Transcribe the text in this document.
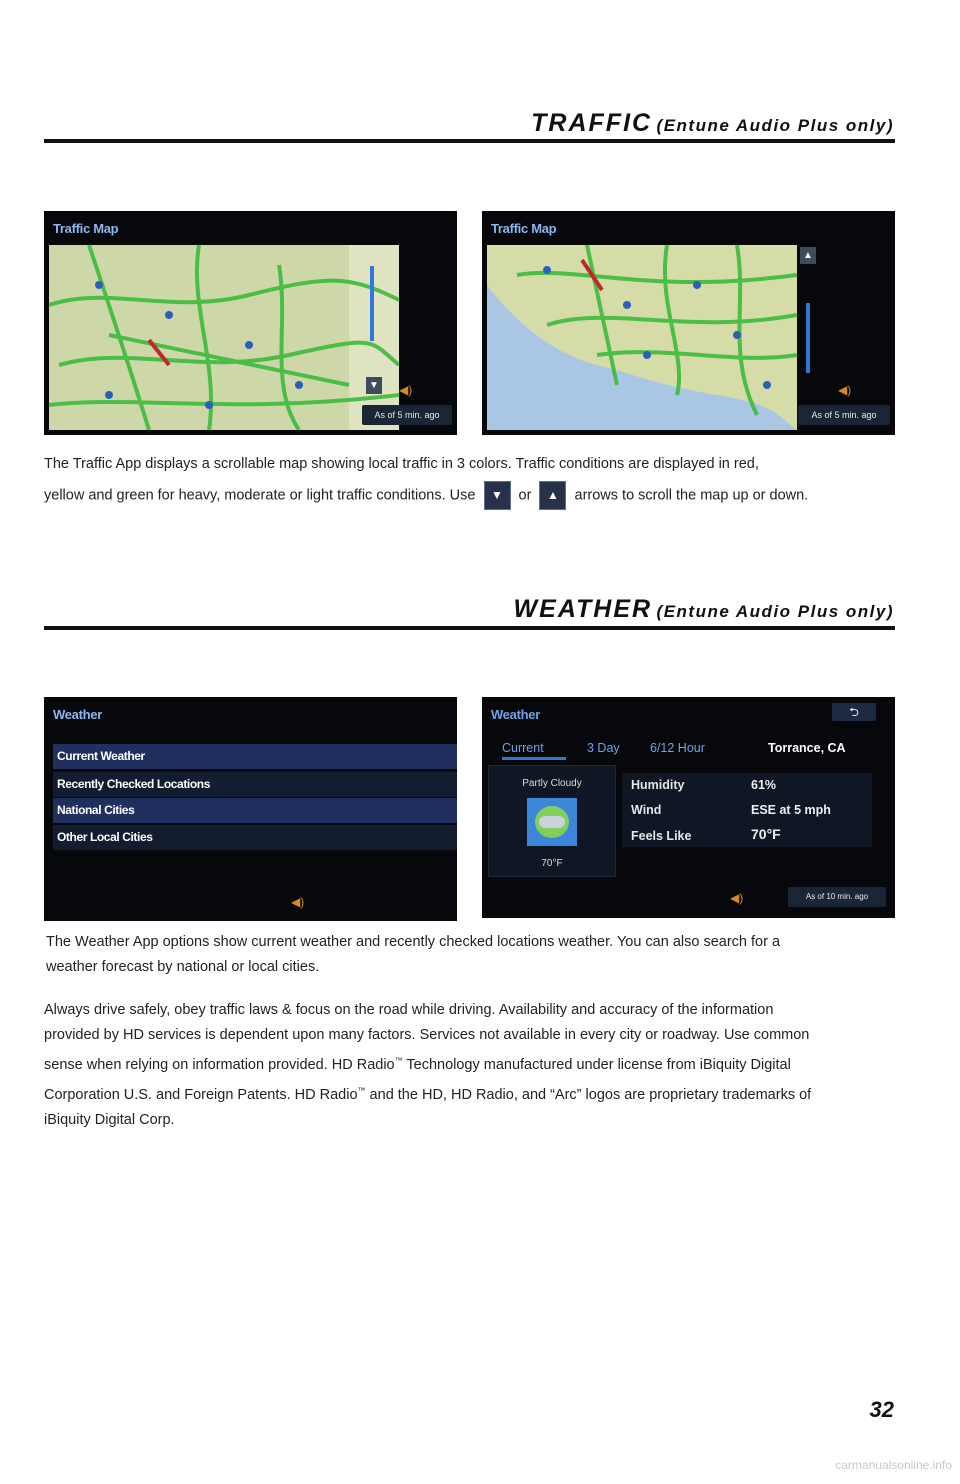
TRAFFIC (Entune Audio Plus only)
Traffic Map
▼ ◀)
As of 5 min. ago
Traffic Map
▲
◀)
As of 5 min. ago
The Traffic App displays a scrollable map showing local traffic in 3 colors. Traffic conditions are displayed in red,
yellow and green for heavy, moderate or light traffic conditions. Use ▼ or ▲ arrows to scroll the map up or down.
WEATHER (Entune Audio Plus only)
Weather
Current Weather
Recently Checked Locations
National Cities
Other Local Cities
◀)
Weather	⮌
Current	3 Day 6/12 Hour	Torrance, CA
Partly Cloudy
70°F
Humidity	61%
Wind	ESE at 5 mph
Feels Like	70°F
◀)	As of 10 min. ago
The Weather App options show current weather and recently checked locations weather. You can also search for a
weather forecast by national or local cities.
Always drive safely, obey traffic laws & focus on the road while driving. Availability and accuracy of the information
provided by HD services is dependent upon many factors. Services not available in every city or roadway. Use common
sense when relying on information provided. HD Radio™ Technology manufactured under license from iBiquity Digital
Corporation U.S. and Foreign Patents. HD Radio™ and the HD, HD Radio, and “Arc” logos are proprietary trademarks of
iBiquity Digital Corp.
32
carmanualsonline.info
